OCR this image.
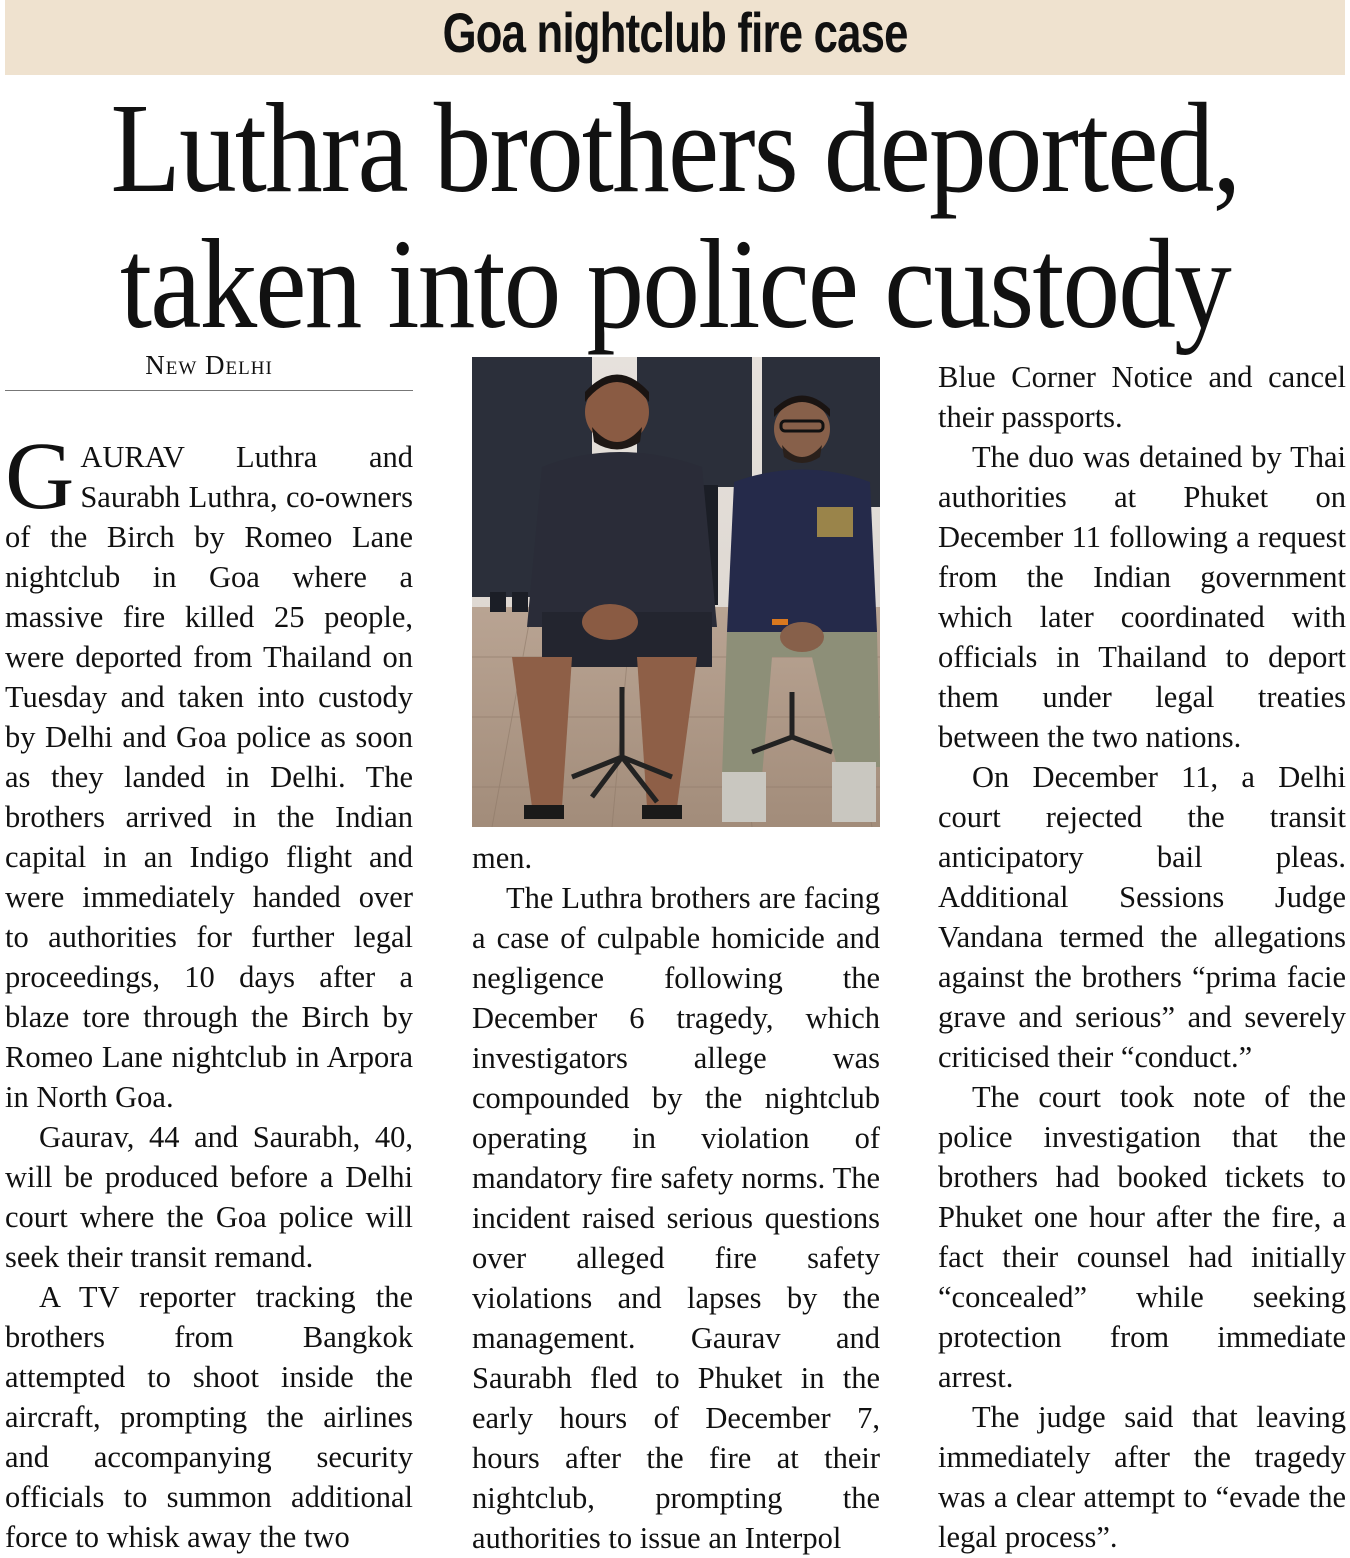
Goa nightclub fire case
Luthra brothers deported,
taken into police custody
New Delhi

GAURAV Luthra and Saurabh Luthra, co-owners of the Birch by Romeo Lane nightclub in Goa where a massive fire killed 25 people, were deported from Thailand on Tuesday and taken into custody by Delhi and Goa police as soon as they landed in Delhi. The brothers arrived in the Indian capital in an Indigo flight and were immediately handed over to authorities for further legal proceedings, 10 days after a blaze tore through the Birch by Romeo Lane nightclub in Arpora in North Goa.

Gaurav, 44 and Saurabh, 40, will be produced before a Delhi court where the Goa police will seek their transit remand.

A TV reporter tracking the brothers from Bangkok attempted to shoot inside the aircraft, prompting the airlines and accompanying security officials to summon additional force to whisk away the two

men.

The Luthra brothers are facing a case of culpable homicide and negligence following the December 6 tragedy, which investigators allege was compounded by the nightclub operating in violation of mandatory fire safety norms. The incident raised serious questions over alleged fire safety violations and lapses by the management. Gaurav and Saurabh fled to Phuket in the early hours of December 7, hours after the fire at their nightclub, prompting the authorities to issue an Interpol

Blue Corner Notice and cancel their passports.

The duo was detained by Thai authorities at Phuket on December 11 following a request from the Indian government which later coordinated with officials in Thailand to deport them under legal treaties between the two nations.

On December 11, a Delhi court rejected the transit anticipatory bail pleas. Additional Sessions Judge Vandana termed the allegations against the brothers “prima facie grave and serious” and severely criticised their “conduct.”

The court took note of the police investigation that the brothers had booked tickets to Phuket one hour after the fire, a fact their counsel had initially “concealed” while seeking protection from immediate arrest.

The judge said that leaving immediately after the tragedy was a clear attempt to “evade the legal process”.
